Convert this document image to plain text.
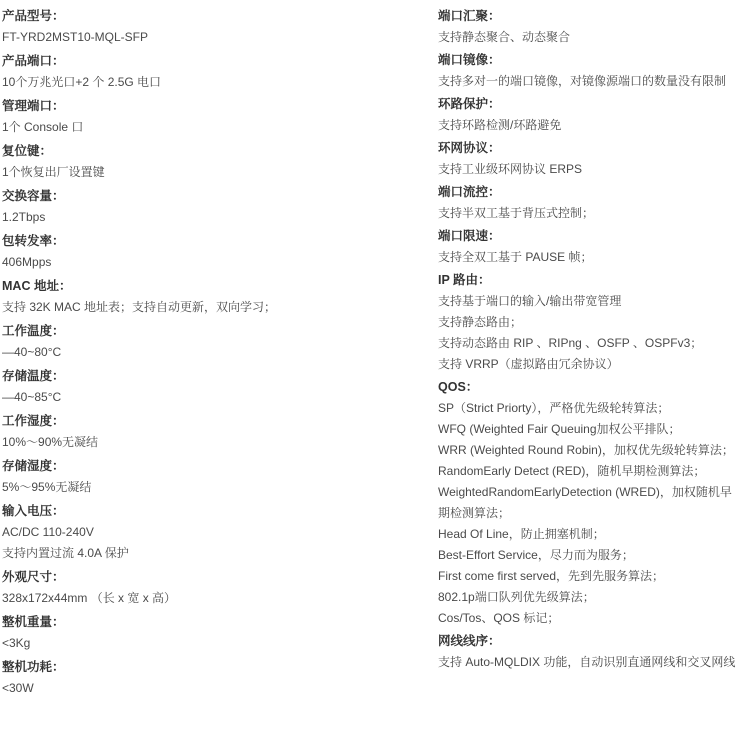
产品型号：
FT-YRD2MST10-MQL-SFP
产品端口：
10个万兆光口+2 个 2.5G 电口
管理端口：
1个 Console 口
复位键：
1个恢复出厂设置键
交换容量：
1.2Tbps
包转发率：
406Mpps
MAC 地址：
支持 32K MAC 地址表；支持自动更新，双向学习；
工作温度：
—40~80°C
存储温度：
—40~85°C
工作湿度：
10%～90%无凝结
存储湿度：
5%～95%无凝结
输入电压：
AC/DC 110-240V
支持内置过流 4.0A 保护
外观尺寸：
328x172x44mm （长 x 宽 x 高）
整机重量：
<3Kg
整机功耗：
<30W
端口汇聚：
支持静态聚合、动态聚合
端口镜像：
支持多对一的端口镜像，对镜像源端口的数量没有限制
环路保护：
支持环路检测/环路避免
环网协议：
支持工业级环网协议 ERPS
端口流控：
支持半双工基于背压式控制；
端口限速：
支持全双工基于 PAUSE 帧；
IP 路由：
支持基于端口的输入/输出带宽管理
支持静态路由；
支持动态路由 RIP 、RIPng 、OSFP 、OSPFv3；
支持 VRRP（虚拟路由冗余协议）
QOS：
SP（Strict Priorty），严格优先级轮转算法；
WFQ (Weighted Fair Queuing加权公平排队；
WRR (Weighted Round Robin)，加权优先级轮转算法；
RandomEarly Detect (RED)，随机早期检测算法；
WeightedRandomEarlyDetection (WRED)，加权随机早
期检测算法；
Head Of Line，防止拥塞机制；
Best-Effort Service，尽力而为服务；
First come first served，先到先服务算法；
802.1p端口队列优先级算法；
Cos/Tos、QOS 标记；
网线线序：
支持 Auto-MQLDIX 功能，自动识别直通网线和交叉网线
